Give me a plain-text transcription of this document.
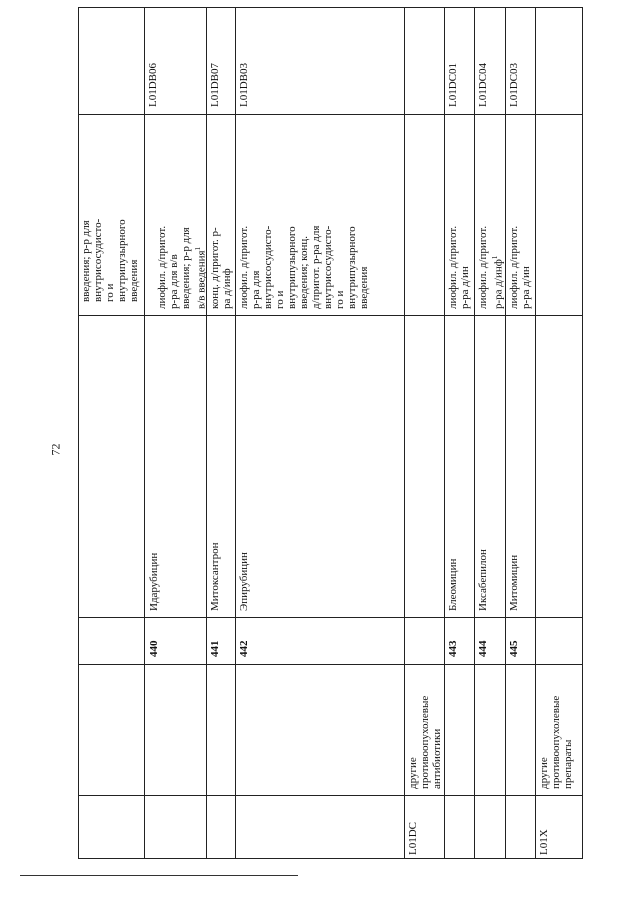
72
введения; р-р для внутрисосудисто- го и внутрипузырного введения
L01DB06
лиофил. д/пригот. р-ра для в/в введения; р-р для в/в введения$^1$
Идарубицин
440
L01DB07
конц. д/пригот. р- ра д/инф
Митоксантрон
441
L01DB03
лиофил. д/пригот. р-ра для внутрисосудисто- го и внутрипузырного введения; конц. д/пригот. р-ра для внутрисосудисто- го и внутрипузырного введения
Эпирубицин
442
другие противоопухолевые антибиотики
L01DC
L01DC01
лиофил. д/пригот. р-ра д/ин
Блеомицин
443
L01DC04
лиофил. д/пригот. р-ра д/инф$^1$
Иксабепилон
444
L01DC03
лиофил. д/пригот. р-ра д/ин
Митомицин
445
другие противоопухолевые препараты
L01X
